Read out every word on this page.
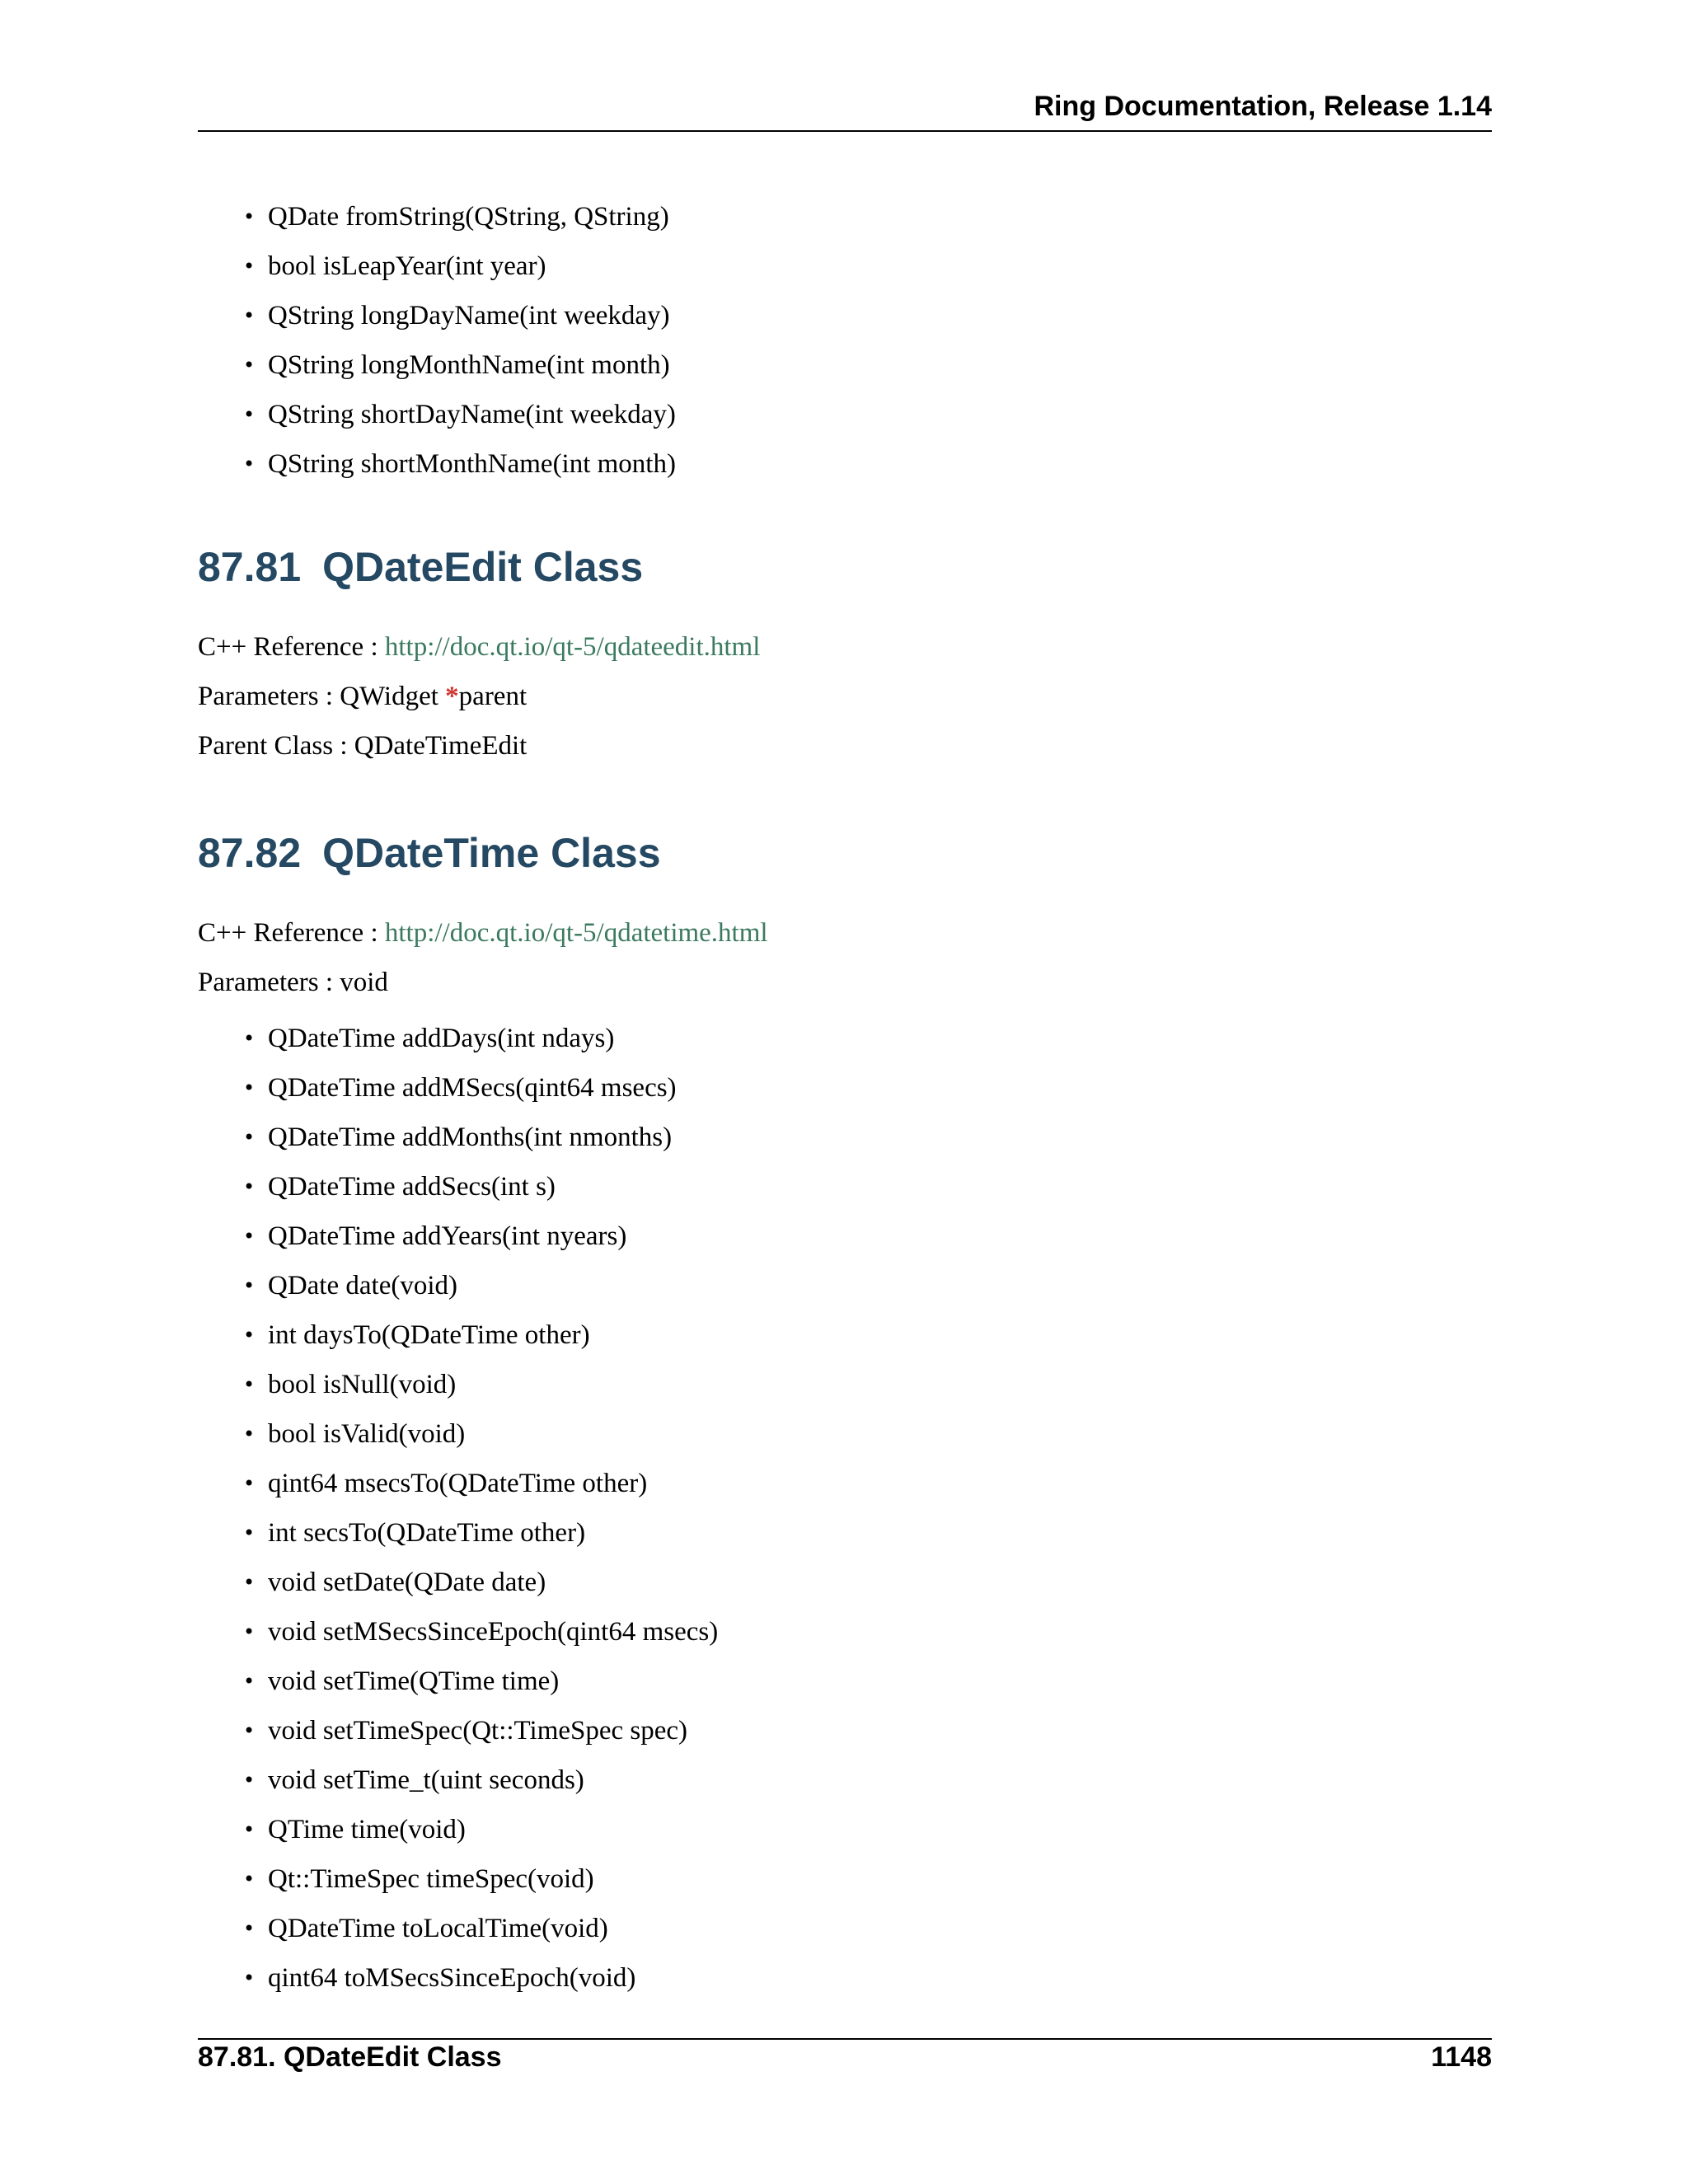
Ring Documentation, Release 1.14
• QDate fromString(QString, QString)
• bool isLeapYear(int year)
• QString longDayName(int weekday)
• QString longMonthName(int month)
• QString shortDayName(int weekday)
• QString shortMonthName(int month)
87.81 QDateEdit Class
C++ Reference : http://doc.qt.io/qt-5/qdateedit.html
Parameters : QWidget *parent
Parent Class : QDateTimeEdit
87.82 QDateTime Class
C++ Reference : http://doc.qt.io/qt-5/qdatetime.html
Parameters : void
• QDateTime addDays(int ndays)
• QDateTime addMSecs(qint64 msecs)
• QDateTime addMonths(int nmonths)
• QDateTime addSecs(int s)
• QDateTime addYears(int nyears)
• QDate date(void)
• int daysTo(QDateTime other)
• bool isNull(void)
• bool isValid(void)
• qint64 msecsTo(QDateTime other)
• int secsTo(QDateTime other)
• void setDate(QDate date)
• void setMSecsSinceEpoch(qint64 msecs)
• void setTime(QTime time)
• void setTimeSpec(Qt::TimeSpec spec)
• void setTime_t(uint seconds)
• QTime time(void)
• Qt::TimeSpec timeSpec(void)
• QDateTime toLocalTime(void)
• qint64 toMSecsSinceEpoch(void)
87.81. QDateEdit Class	1148
